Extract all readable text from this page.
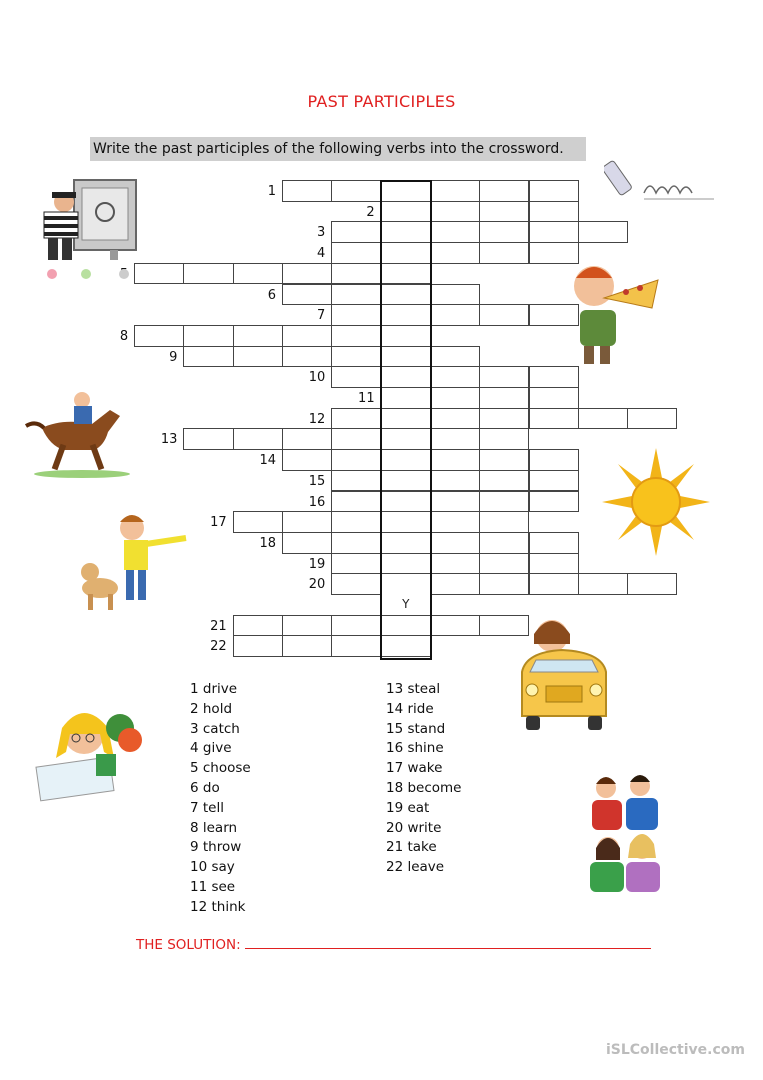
PAST PARTICIPLES
Write the past participles of the following verbs into the crossword.
1
2
3
4
6
7
8
9
10
11
12
13
14
15
16
17
18
19
20
Y
21
22
1 drive
2 hold
3 catch
4 give
5 choose
6 do
7 tell
8 learn
9 throw
10 say
11 see
12 think
13 steal
14 ride
15 stand
16 shine
17 wake
18 become
19 eat
20 write
21 take
22 leave
THE SOLUTION:
iSLCollective.com
